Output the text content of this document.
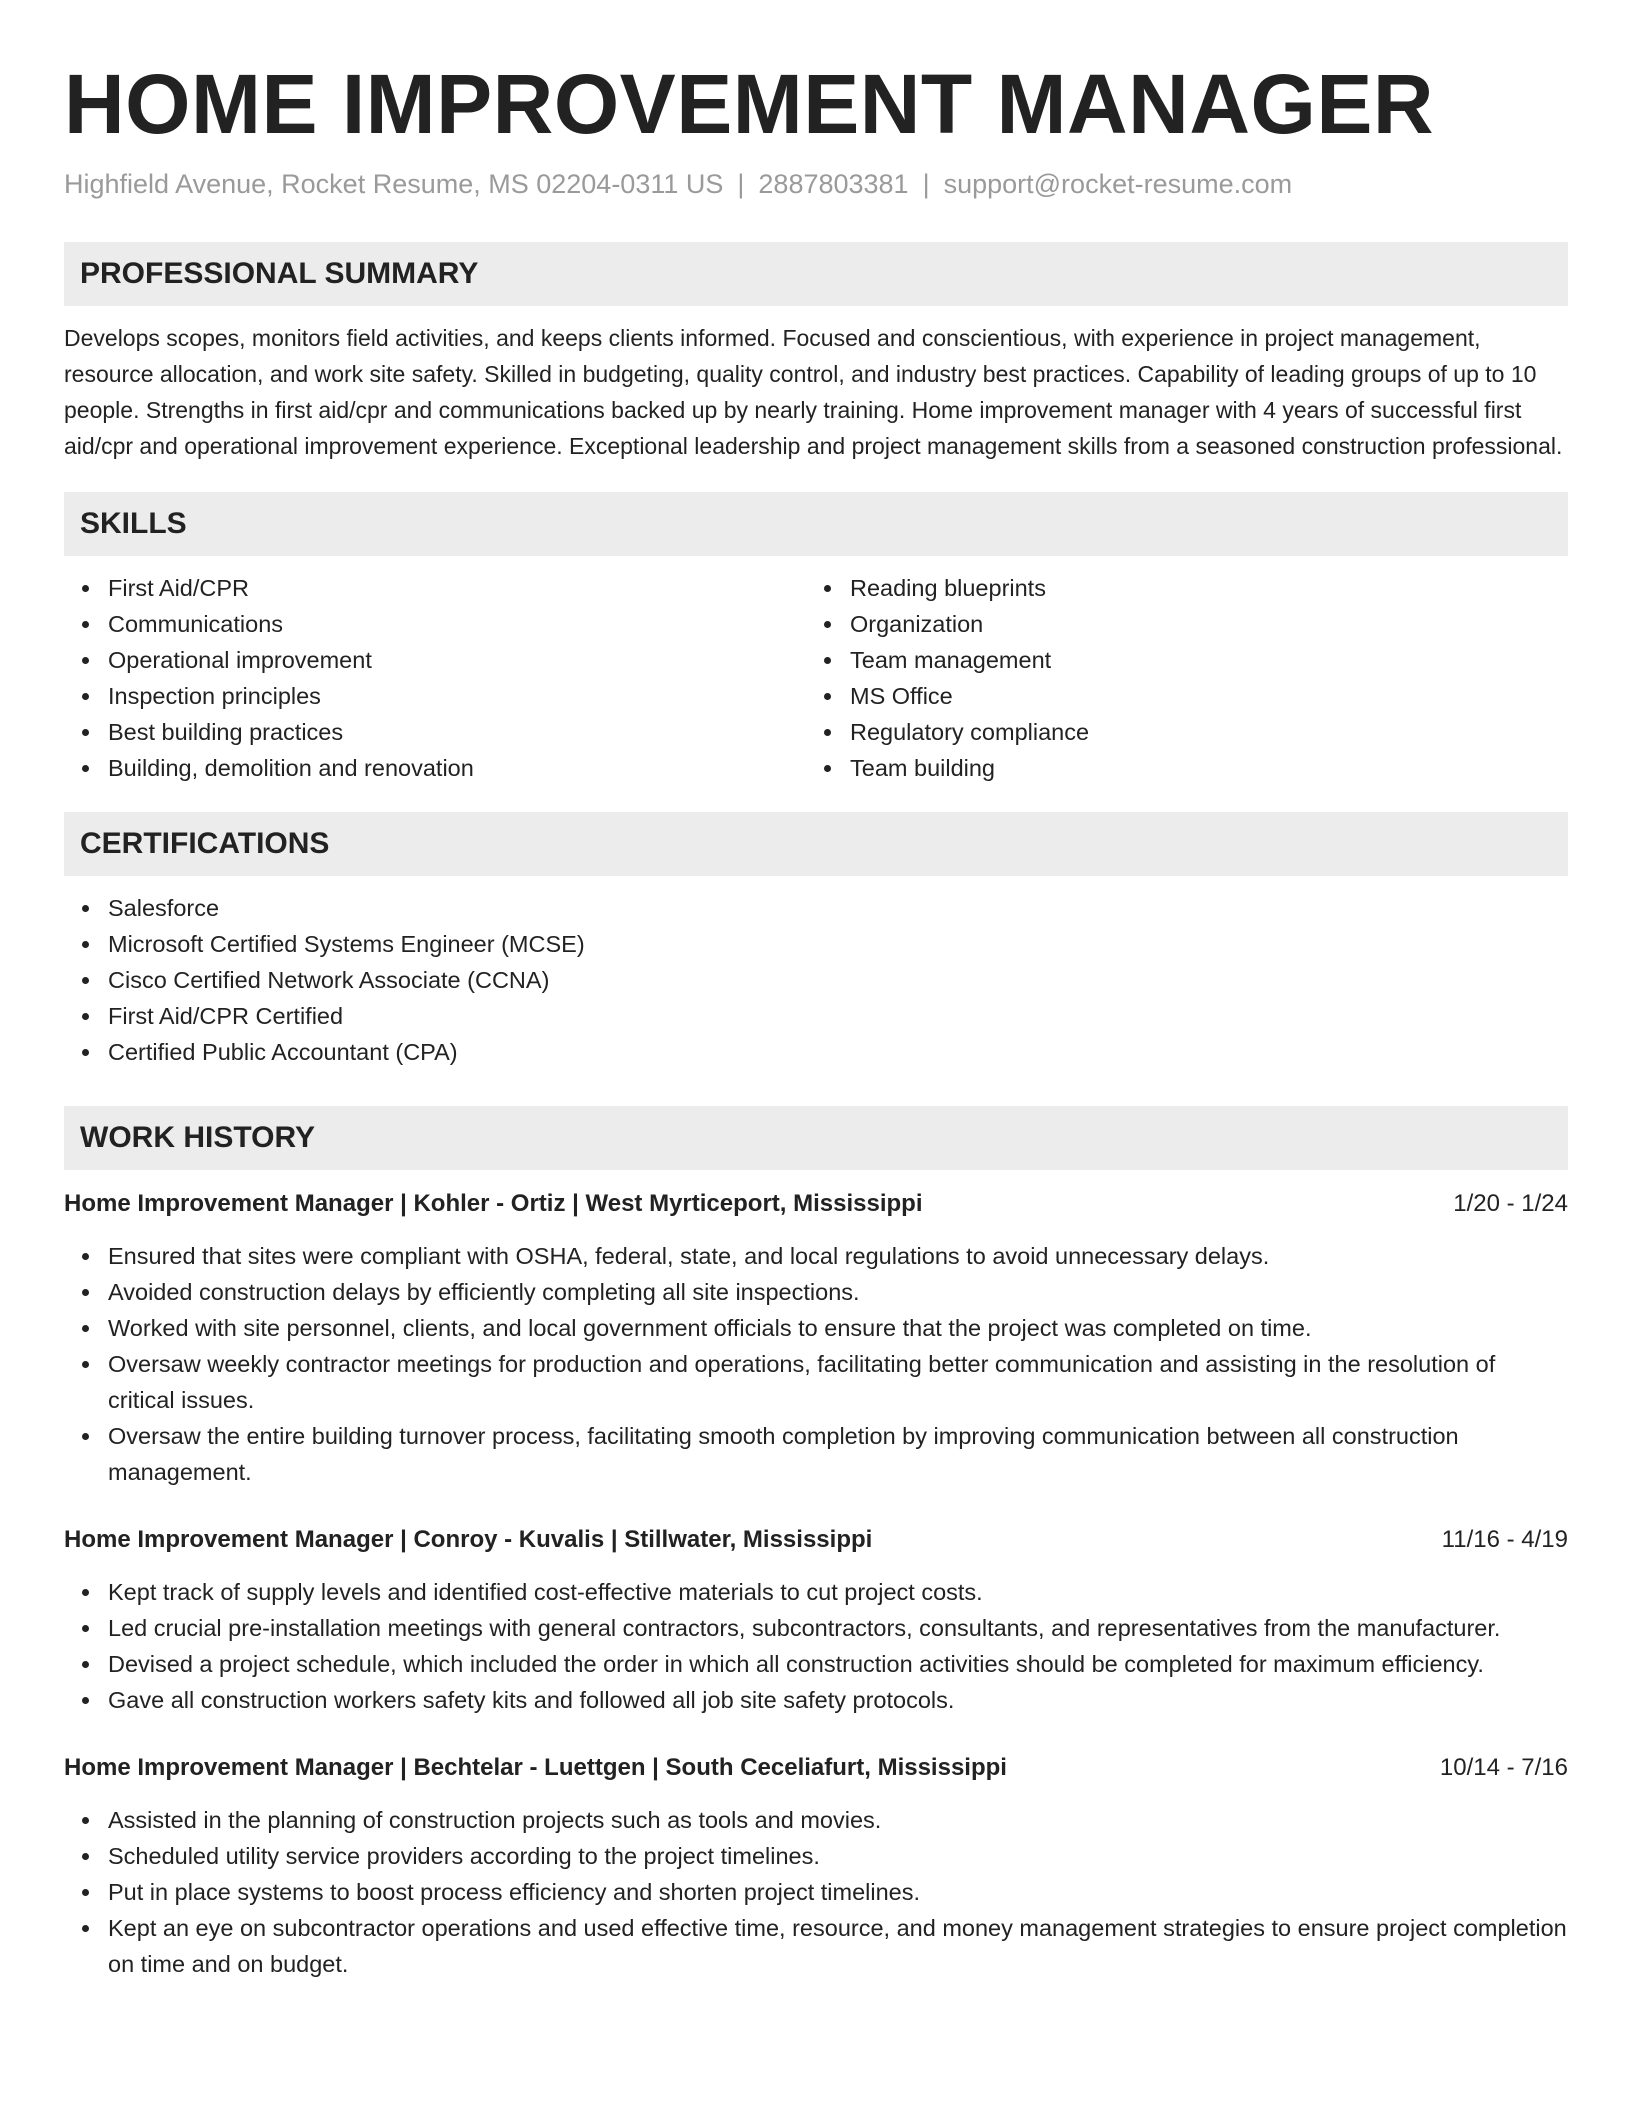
HOME IMPROVEMENT MANAGER
Highfield Avenue, Rocket Resume, MS 02204-0311 US | 2887803381 | support@rocket-resume.com
PROFESSIONAL SUMMARY

Develops scopes, monitors field activities, and keeps clients informed. Focused and conscientious, with experience in project management, resource allocation, and work site safety. Skilled in budgeting, quality control, and industry best practices. Capability of leading groups of up to 10 people. Strengths in first aid/cpr and communications backed up by nearly training. Home improvement manager with 4 years of successful first aid/cpr and operational improvement experience. Exceptional leadership and project management skills from a seasoned construction professional.

SKILLS
First Aid/CPR
Communications
Operational improvement
Inspection principles
Best building practices
Building, demolition and renovation
Reading blueprints
Organization
Team management
MS Office
Regulatory compliance
Team building
CERTIFICATIONS
Salesforce
Microsoft Certified Systems Engineer (MCSE)
Cisco Certified Network Associate (CCNA)
First Aid/CPR Certified
Certified Public Accountant (CPA)
WORK HISTORY
Home Improvement Manager | Kohler - Ortiz | West Myrticeport, Mississippi	1/20 - 1/24
Ensured that sites were compliant with OSHA, federal, state, and local regulations to avoid unnecessary delays.
Avoided construction delays by efficiently completing all site inspections.
Worked with site personnel, clients, and local government officials to ensure that the project was completed on time.
Oversaw weekly contractor meetings for production and operations, facilitating better communication and assisting in the resolution of critical issues.
Oversaw the entire building turnover process, facilitating smooth completion by improving communication between all construction management.
Home Improvement Manager | Conroy - Kuvalis | Stillwater, Mississippi	11/16 - 4/19
Kept track of supply levels and identified cost-effective materials to cut project costs.
Led crucial pre-installation meetings with general contractors, subcontractors, consultants, and representatives from the manufacturer.
Devised a project schedule, which included the order in which all construction activities should be completed for maximum efficiency.
Gave all construction workers safety kits and followed all job site safety protocols.
Home Improvement Manager | Bechtelar - Luettgen | South Ceceliafurt, Mississippi	10/14 - 7/16
Assisted in the planning of construction projects such as tools and movies.
Scheduled utility service providers according to the project timelines.
Put in place systems to boost process efficiency and shorten project timelines.
Kept an eye on subcontractor operations and used effective time, resource, and money management strategies to ensure project completion on time and on budget.
